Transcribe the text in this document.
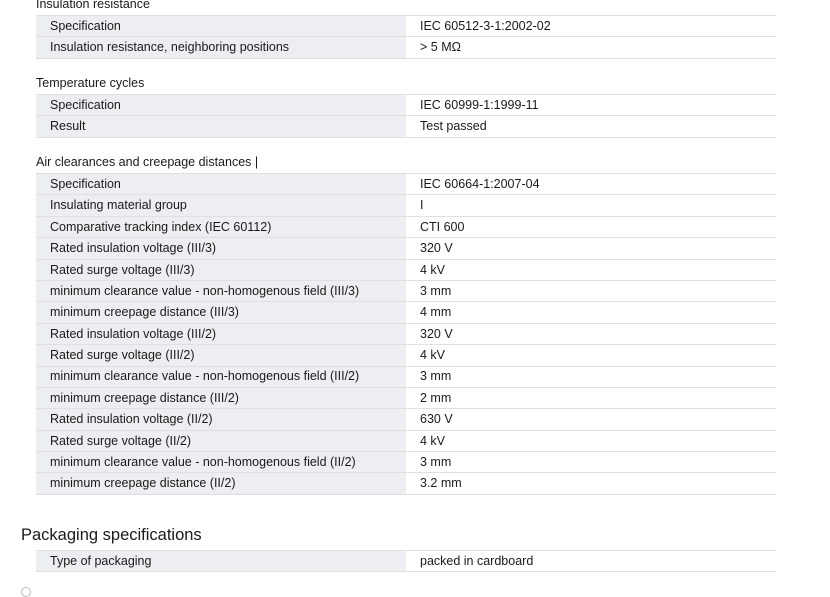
Insulation resistance
Specification	IEC 60512-3-1:2002-02
Insulation resistance, neighboring positions	> 5 MΩ
Temperature cycles
Specification	IEC 60999-1:1999-11
Result	Test passed
Air clearances and creepage distances |
Specification	IEC 60664-1:2007-04
Insulating material group	I
Comparative tracking index (IEC 60112)	CTI 600
Rated insulation voltage (III/3)	320 V
Rated surge voltage (III/3)	4 kV
minimum clearance value - non-homogenous field (III/3)	3 mm
minimum creepage distance (III/3)	4 mm
Rated insulation voltage (III/2)	320 V
Rated surge voltage (III/2)	4 kV
minimum clearance value - non-homogenous field (III/2)	3 mm
minimum creepage distance (III/2)	2 mm
Rated insulation voltage (II/2)	630 V
Rated surge voltage (II/2)	4 kV
minimum clearance value - non-homogenous field (II/2)	3 mm
minimum creepage distance (II/2)	3.2 mm
Packaging specifications
Type of packaging	packed in cardboard
